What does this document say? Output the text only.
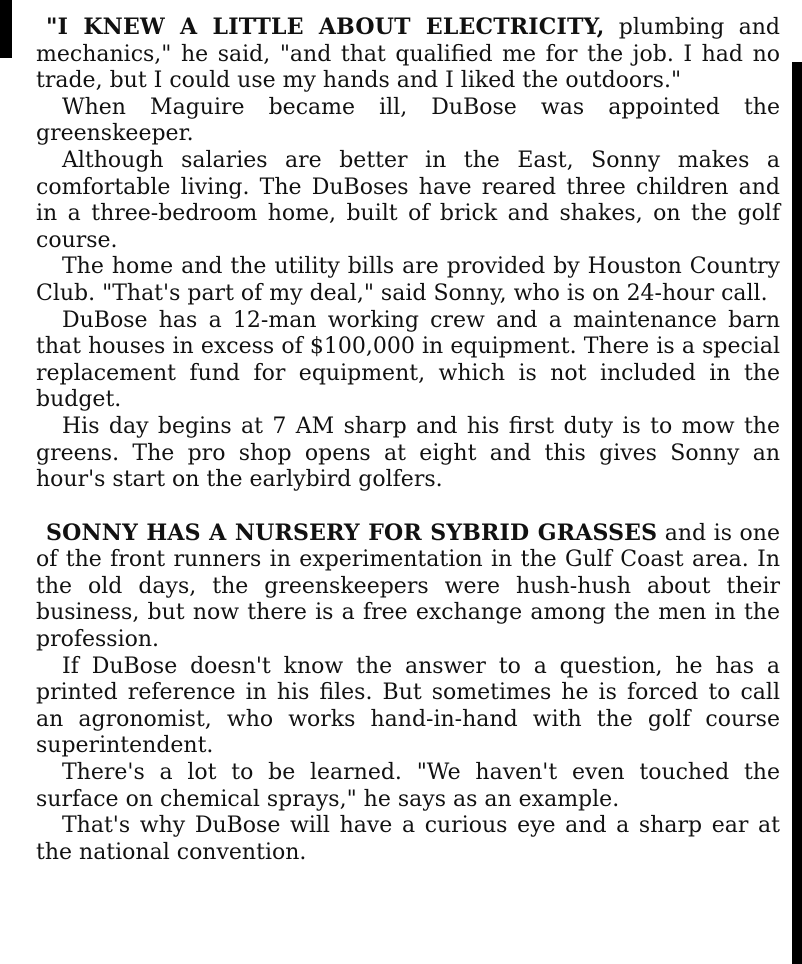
"I KNEW A LITTLE ABOUT ELECTRICITY, plumbing and mechanics," he said, "and that qualified me for the job. I had no trade, but I could use my hands and I liked the outdoors."

When Maguire became ill, DuBose was appointed the greenskeeper.

Although salaries are better in the East, Sonny makes a comfortable living. The DuBoses have reared three children and in a three-bedroom home, built of brick and shakes, on the golf course.

The home and the utility bills are provided by Houston Country Club. "That's part of my deal," said Sonny, who is on 24-hour call.

DuBose has a 12-man working crew and a maintenance barn that houses in excess of $100,000 in equipment. There is a special replacement fund for equipment, which is not included in the budget.

His day begins at 7 AM sharp and his first duty is to mow the greens. The pro shop opens at eight and this gives Sonny an hour's start on the earlybird golfers.

SONNY HAS A NURSERY FOR SYBRID GRASSES and is one of the front runners in experimentation in the Gulf Coast area. In the old days, the greenskeepers were hush-hush about their business, but now there is a free exchange among the men in the profession.

If DuBose doesn't know the answer to a question, he has a printed reference in his files. But sometimes he is forced to call an agronomist, who works hand-in-hand with the golf course superintendent.

There's a lot to be learned. "We haven't even touched the surface on chemical sprays," he says as an example.

That's why DuBose will have a curious eye and a sharp ear at the national convention.
